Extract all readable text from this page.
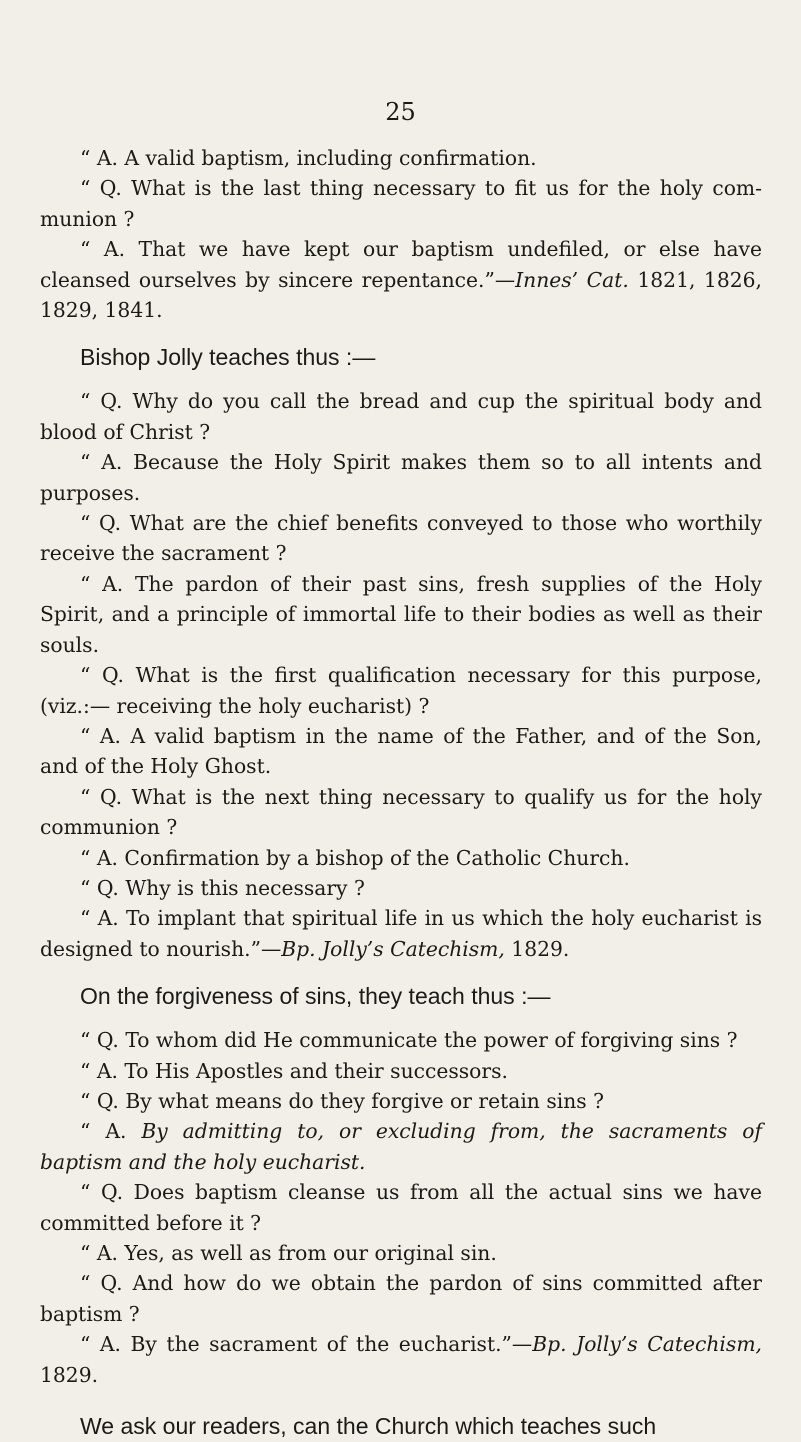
25

“ A. A valid baptism, including confirmation.

“ Q. What is the last thing necessary to fit us for the holy communion ?

“ A. That we have kept our baptism undefiled, or else have cleansed ourselves by sincere repentance.”—Innes’ Cat. 1821, 1826, 1829, 1841.

Bishop Jolly teaches thus :—

“ Q. Why do you call the bread and cup the spiritual body and blood of Christ ?

“ A. Because the Holy Spirit makes them so to all intents and purposes.

“ Q. What are the chief benefits conveyed to those who worthily receive the sacrament ?

“ A. The pardon of their past sins, fresh supplies of the Holy Spirit, and a principle of immortal life to their bodies as well as their souls.

“ Q. What is the first qualification necessary for this purpose, (viz.:— receiving the holy eucharist) ?

“ A. A valid baptism in the name of the Father, and of the Son, and of the Holy Ghost.

“ Q. What is the next thing necessary to qualify us for the holy communion ?

“ A. Confirmation by a bishop of the Catholic Church.

“ Q. Why is this necessary ?

“ A. To implant that spiritual life in us which the holy eucharist is designed to nourish.”—Bp. Jolly’s Catechism, 1829.

On the forgiveness of sins, they teach thus :—

“ Q. To whom did He communicate the power of forgiving sins ?

“ A. To His Apostles and their successors.

“ Q. By what means do they forgive or retain sins ?

“ A. By admitting to, or excluding from, the sacraments of baptism and the holy eucharist.

“ Q. Does baptism cleanse us from all the actual sins we have committed before it ?

“ A. Yes, as well as from our original sin.

“ Q. And how do we obtain the pardon of sins committed after baptism ?

“ A. By the sacrament of the eucharist.”—Bp. Jolly’s Catechism, 1829.

We ask our readers, can the Church which teaches such
